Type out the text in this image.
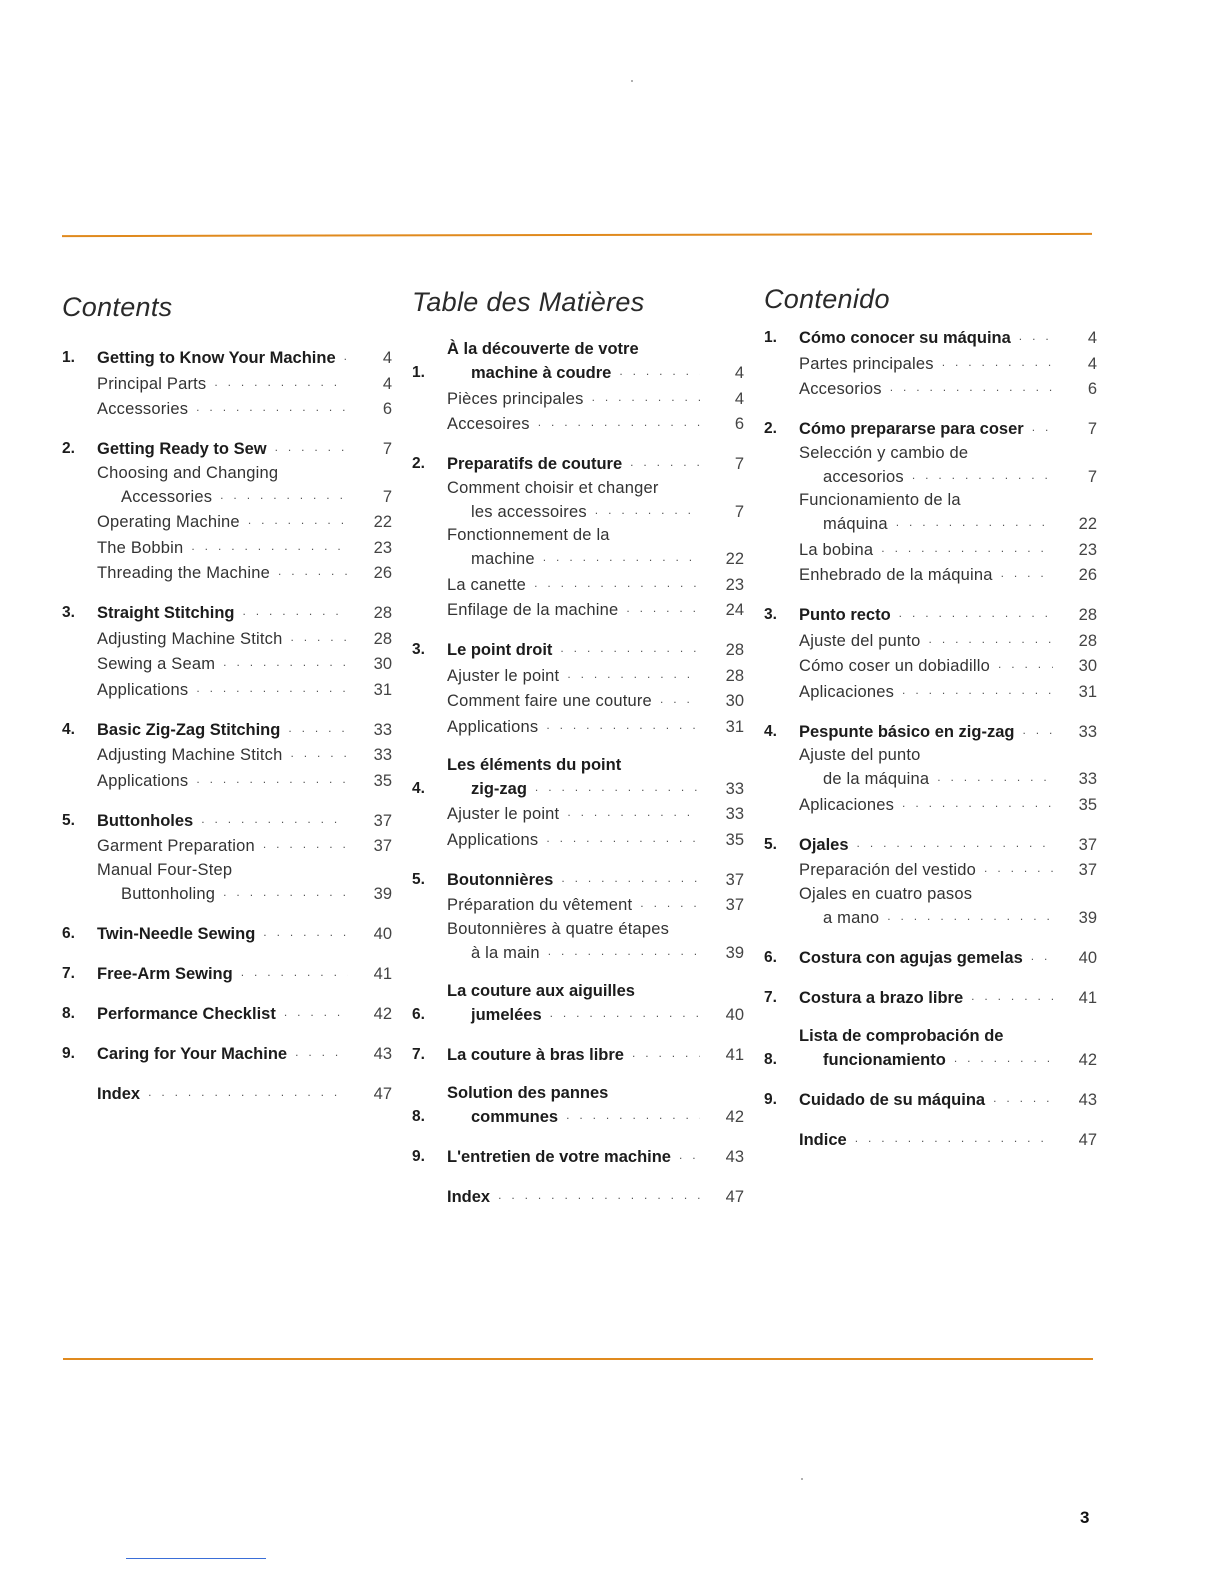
Contents
1.	Getting to Know Your Machine . . .	4
Principal Parts . . .	4
Accessories . . .	6
2.	Getting Ready to Sew . . .	7
Choosing and Changing
Accessories . . .	7
Operating Machine . . .	22
The Bobbin . . .	23
Threading the Machine . . .	26
3.	Straight Stitching . . .	28
Adjusting Machine Stitch . . .	28
Sewing a Seam . . .	30
Applications . . .	31
4.	Basic Zig-Zag Stitching . . .	33
Adjusting Machine Stitch . . .	33
Applications . . .	35
5.	Buttonholes . . .	37
Garment Preparation . . .	37
Manual Four-Step
Buttonholing . . .	39
6.	Twin-Needle Sewing . . .	40
7.	Free-Arm Sewing . . .	41
8.	Performance Checklist . . .	42
9.	Caring for Your Machine . . .	43
Index . . .	47
Table des Matières
1.
À la découverte de votre
machine à coudre . . .	4
Pièces principales . . .	4
Accesoires . . .	6
2.	Preparatifs de couture . . .	7
Comment choisir et changer
les accessoires . . .	7
Fonctionnement de la
machine . . .	22
La canette . . .	23
Enfilage de la machine . . .	24
3.	Le point droit . . .	28
Ajuster le point . . .	28
Comment faire une couture . . .	30
Applications . . .	31
4.
Les éléments du point
zig-zag . . .	33
Ajuster le point . . .	33
Applications . . .	35
5.	Boutonnières . . .	37
Préparation du vêtement . . .	37
Boutonnières à quatre étapes
à la main . . .	39
6.
La couture aux aiguilles
jumelées . . .	40
7.	La couture à bras libre . . .	41
8.
Solution des pannes
communes . . .	42
9.	L'entretien de votre machine . . .	43
Index . . .	47
Contenido
1.	Cómo conocer su máquina . . .	4
Partes principales . . .	4
Accesorios . . .	6
2.	Cómo prepararse para coser . . .	7
Selección y cambio de
accesorios . . .	7
Funcionamiento de la
máquina . . .	22
La bobina . . .	23
Enhebrado de la máquina . . .	26
3.	Punto recto . . .	28
Ajuste del punto . . .	28
Cómo coser un dobiadillo . . .	30
Aplicaciones . . .	31
4.	Pespunte básico en zig-zag . . .	33
Ajuste del punto
de la máquina . . .	33
Aplicaciones . . .	35
5.	Ojales . . .	37
Preparación del vestido . . .	37
Ojales en cuatro pasos
a mano . . .	39
6.	Costura con agujas gemelas . . .	40
7.	Costura a brazo libre . . .	41
8.
Lista de comprobación de
funcionamiento . . .	42
9.	Cuidado de su máquina . . .	43
Indice . . .	47
3
